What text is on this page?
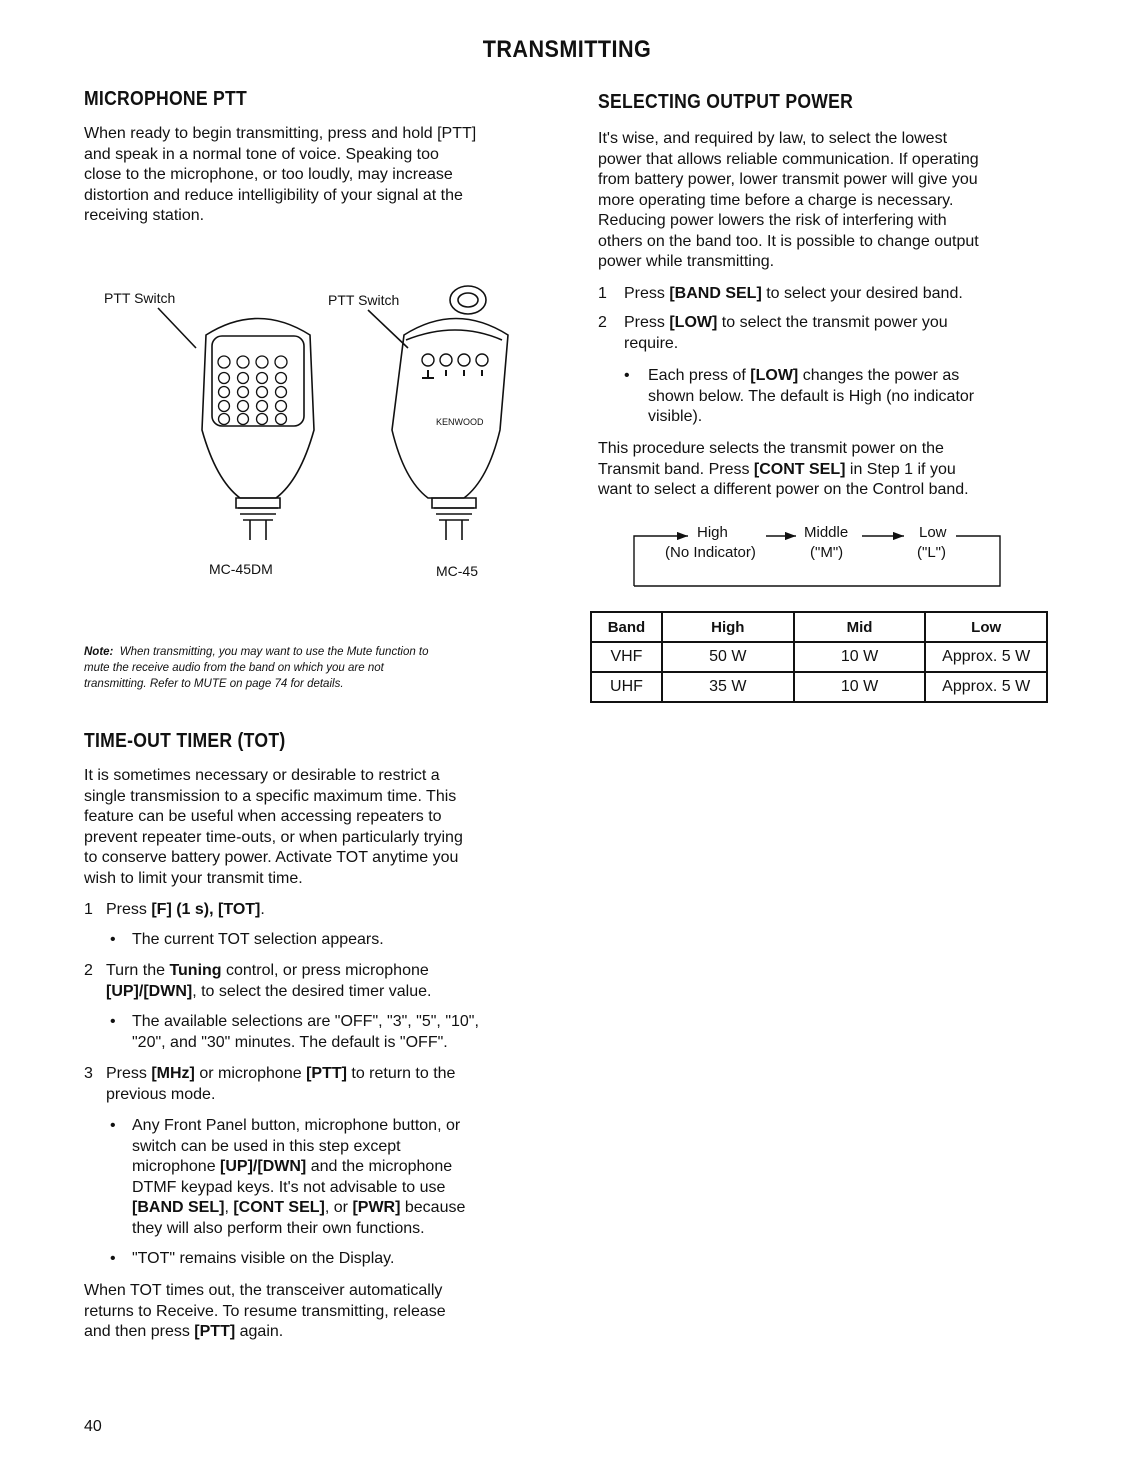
TRANSMITTING
MICROPHONE PTT
When ready to begin transmitting, press and hold [PTT]
and speak in a normal tone of voice. Speaking too
close to the microphone, or too loudly, may increase
distortion and reduce intelligibility of your signal at the
receiving station.
PTT Switch	PTT Switch
KENWOOD
MC-45DM	MC-45
Note: When transmitting, you may want to use the Mute function to
mute the receive audio from the band on which you are not
transmitting. Refer to MUTE on page 74 for details.
TIME-OUT TIMER (TOT)
It is sometimes necessary or desirable to restrict a
single transmission to a specific maximum time. This
feature can be useful when accessing repeaters to
prevent repeater time-outs, or when particularly trying
to conserve battery power. Activate TOT anytime you
wish to limit your transmit time.
1 Press [F] (1 s), [TOT].
• The current TOT selection appears.
2 Turn the Tuning control, or press microphone
[UP]/[DWN], to select the desired timer value.
• The available selections are "OFF", "3", "5", "10",
"20", and "30" minutes. The default is "OFF".
3 Press [MHz] or microphone [PTT] to return to the
previous mode.
• Any Front Panel button, microphone button, or
switch can be used in this step except
microphone [UP]/[DWN] and the microphone
DTMF keypad keys. It's not advisable to use
[BAND SEL], [CONT SEL], or [PWR] because
they will also perform their own functions.
• "TOT" remains visible on the Display.
When TOT times out, the transceiver automatically
returns to Receive. To resume transmitting, release
and then press [PTT] again.
40
SELECTING OUTPUT POWER
It's wise, and required by law, to select the lowest
power that allows reliable communication. If operating
from battery power, lower transmit power will give you
more operating time before a charge is necessary.
Reducing power lowers the risk of interfering with
others on the band too. It is possible to change output
power while transmitting.
1 Press [BAND SEL] to select your desired band.
2 Press [LOW] to select the transmit power you
require.
• Each press of [LOW] changes the power as
shown below. The default is High (no indicator
visible).
This procedure selects the transmit power on the
Transmit band. Press [CONT SEL] in Step 1 if you
want to select a different power on the Control band.
High
(No Indicator)
Middle
("M")
Low
("L")
Band	High	Mid	Low
VHF	50 W	10 W	Approx. 5 W
UHF	35 W	10 W	Approx. 5 W
